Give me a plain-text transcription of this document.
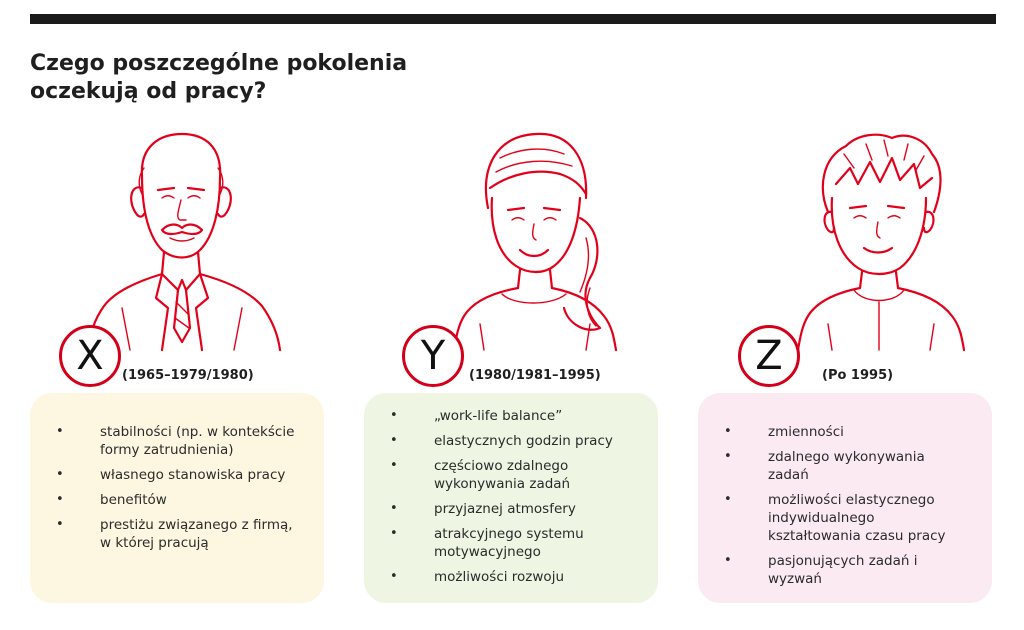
Czego poszczególne pokolenia
oczekują od pracy?
X (1965–1979/1980)	Y (1980/1981–1995)	Z	(Po 1995)
• stabilności (np. w kontekście formy zatrudnienia)
• własnego stanowiska pracy
• benefitów
• prestiżu związanego z firmą, w której pracują
• „work-life balance”
• elastycznych godzin pracy
• częściowo zdalnego wykonywania zadań
• przyjaznej atmosfery
• atrakcyjnego systemu motywacyjnego
• możliwości rozwoju
• zmienności
• zdalnego wykonywania zadań
• możliwości elastycznego indywidualnego kształtowania czasu pracy
• pasjonujących zadań i wyzwań
